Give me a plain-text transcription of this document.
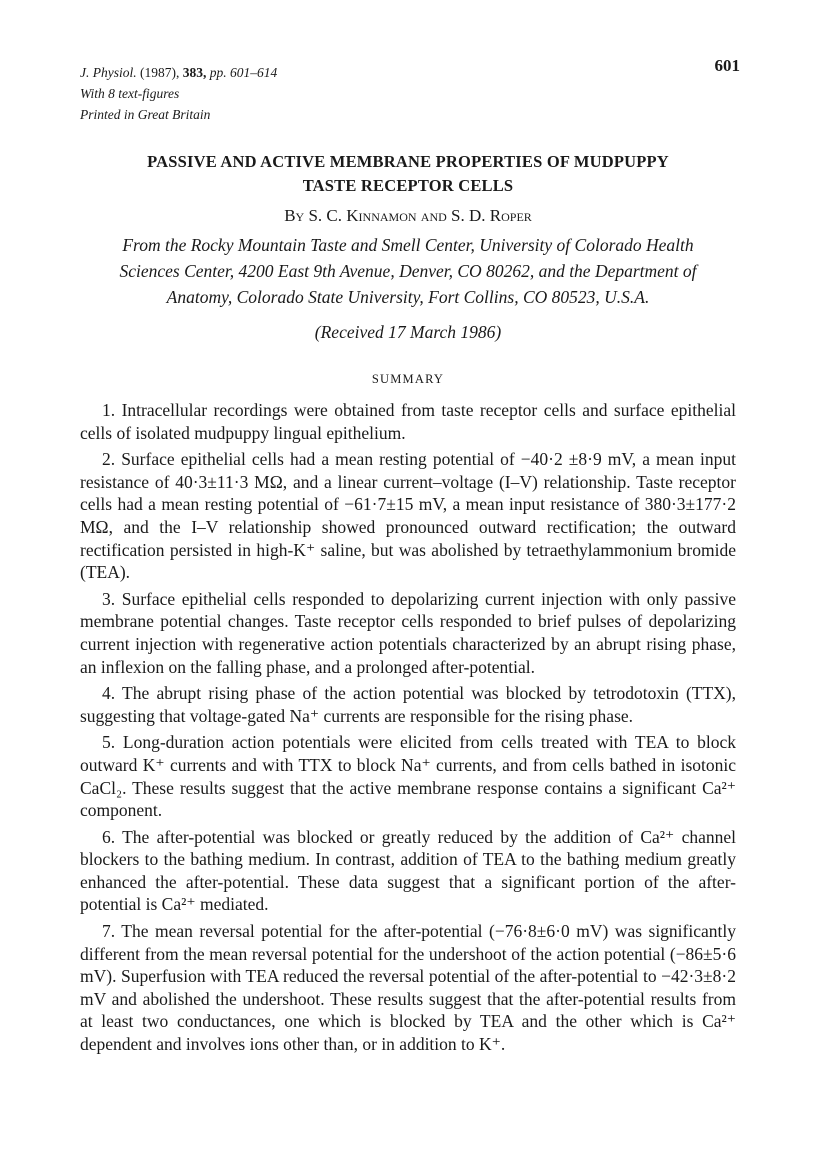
J. Physiol. (1987), 383, pp. 601–614
With 8 text-figures
Printed in Great Britain
601
PASSIVE AND ACTIVE MEMBRANE PROPERTIES OF MUDPUPPY
TASTE RECEPTOR CELLS
By S. C. Kinnamon and S. D. Roper
From the Rocky Mountain Taste and Smell Center, University of Colorado Health
Sciences Center, 4200 East 9th Avenue, Denver, CO 80262, and the Department of
Anatomy, Colorado State University, Fort Collins, CO 80523, U.S.A.
(Received 17 March 1986)
SUMMARY

1. Intracellular recordings were obtained from taste receptor cells and surface epithelial cells of isolated mudpuppy lingual epithelium.

2. Surface epithelial cells had a mean resting potential of −40·2 ±8·9 mV, a mean input resistance of 40·3±11·3 MΩ, and a linear current–voltage (I–V) relationship. Taste receptor cells had a mean resting potential of −61·7±15 mV, a mean input resistance of 380·3±177·2 MΩ, and the I–V relationship showed pronounced outward rectification; the outward rectification persisted in high-K⁺ saline, but was abolished by tetraethylammonium bromide (TEA).

3. Surface epithelial cells responded to depolarizing current injection with only passive membrane potential changes. Taste receptor cells responded to brief pulses of depolarizing current injection with regenerative action potentials characterized by an abrupt rising phase, an inflexion on the falling phase, and a prolonged after-potential.

4. The abrupt rising phase of the action potential was blocked by tetrodotoxin (TTX), suggesting that voltage-gated Na⁺ currents are responsible for the rising phase.

5. Long-duration action potentials were elicited from cells treated with TEA to block outward K⁺ currents and with TTX to block Na⁺ currents, and from cells bathed in isotonic CaCl₂. These results suggest that the active membrane response contains a significant Ca²⁺ component.

6. The after-potential was blocked or greatly reduced by the addition of Ca²⁺ channel blockers to the bathing medium. In contrast, addition of TEA to the bathing medium greatly enhanced the after-potential. These data suggest that a significant portion of the after-potential is Ca²⁺ mediated.

7. The mean reversal potential for the after-potential (−76·8±6·0 mV) was significantly different from the mean reversal potential for the undershoot of the action potential (−86±5·6 mV). Superfusion with TEA reduced the reversal potential of the after-potential to −42·3±8·2 mV and abolished the undershoot. These results suggest that the after-potential results from at least two conductances, one which is blocked by TEA and the other which is Ca²⁺ dependent and involves ions other than, or in addition to K⁺.
